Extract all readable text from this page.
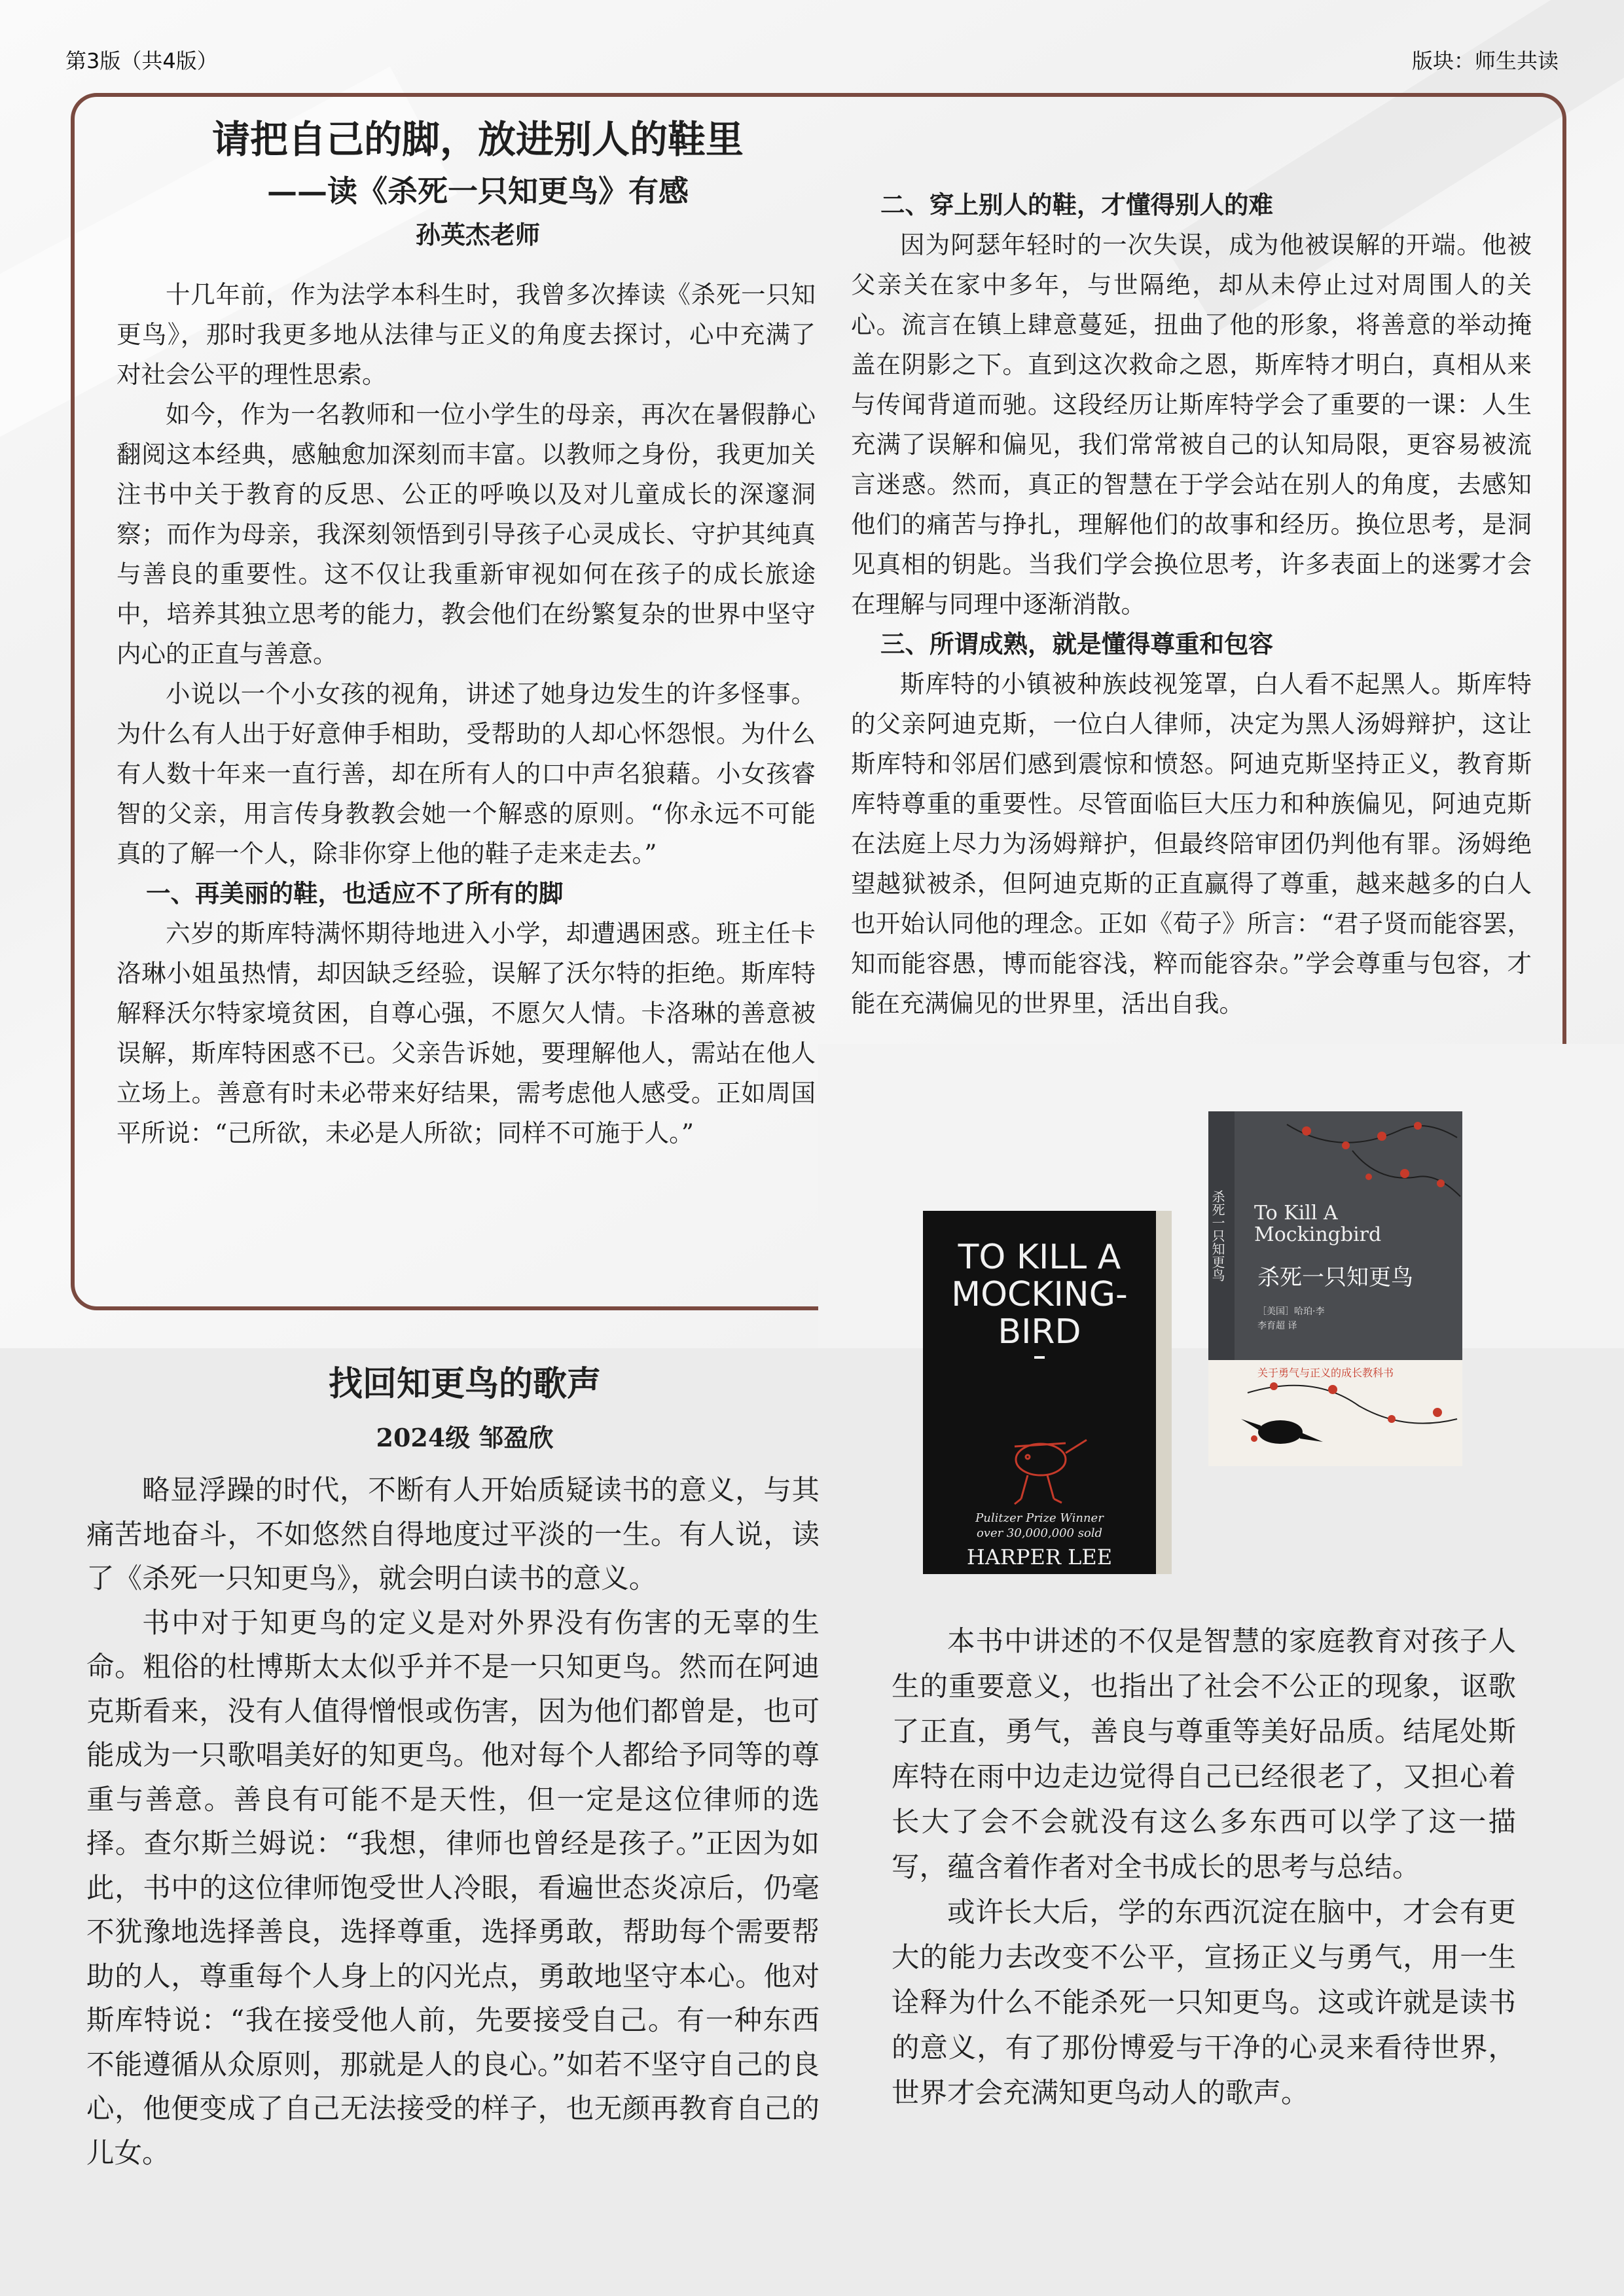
第3版（共4版）	版块：师生共读
请把自己的脚，放进别人的鞋里
——读《杀死一只知更鸟》有感
孙英杰老师

十几年前，作为法学本科生时，我曾多次捧读《杀死一只知更鸟》，那时我更多地从法律与正义的角度去探讨，心中充满了对社会公平的理性思索。

如今，作为一名教师和一位小学生的母亲，再次在暑假静心翻阅这本经典，感触愈加深刻而丰富。以教师之身份，我更加关注书中关于教育的反思、公正的呼唤以及对儿童成长的深邃洞察；而作为母亲，我深刻领悟到引导孩子心灵成长、守护其纯真与善良的重要性。这不仅让我重新审视如何在孩子的成长旅途中，培养其独立思考的能力，教会他们在纷繁复杂的世界中坚守内心的正直与善意。

小说以一个小女孩的视角，讲述了她身边发生的许多怪事。为什么有人出于好意伸手相助，受帮助的人却心怀怨恨。为什么有人数十年来一直行善，却在所有人的口中声名狼藉。小女孩睿智的父亲，用言传身教教会她一个解惑的原则。“你永远不可能真的了解一个人，除非你穿上他的鞋子走来走去。”

一、再美丽的鞋，也适应不了所有的脚

六岁的斯库特满怀期待地进入小学，却遭遇困惑。班主任卡洛琳小姐虽热情，却因缺乏经验，误解了沃尔特的拒绝。斯库特解释沃尔特家境贫困，自尊心强，不愿欠人情。卡洛琳的善意被误解，斯库特困惑不已。父亲告诉她，要理解他人，需站在他人立场上。善意有时未必带来好结果，需考虑他人感受。正如周国平所说：“己所欲，未必是人所欲；同样不可施于人。”

二、穿上别人的鞋，才懂得别人的难

因为阿瑟年轻时的一次失误，成为他被误解的开端。他被父亲关在家中多年，与世隔绝，却从未停止过对周围人的关心。流言在镇上肆意蔓延，扭曲了他的形象，将善意的举动掩盖在阴影之下。直到这次救命之恩，斯库特才明白，真相从来与传闻背道而驰。这段经历让斯库特学会了重要的一课：人生充满了误解和偏见，我们常常被自己的认知局限，更容易被流言迷惑。然而，真正的智慧在于学会站在别人的角度，去感知他们的痛苦与挣扎，理解他们的故事和经历。换位思考，是洞见真相的钥匙。当我们学会换位思考，许多表面上的迷雾才会在理解与同理中逐渐消散。

三、所谓成熟，就是懂得尊重和包容

斯库特的小镇被种族歧视笼罩，白人看不起黑人。斯库特的父亲阿迪克斯，一位白人律师，决定为黑人汤姆辩护，这让斯库特和邻居们感到震惊和愤怒。阿迪克斯坚持正义，教育斯库特尊重的重要性。尽管面临巨大压力和种族偏见，阿迪克斯在法庭上尽力为汤姆辩护，但最终陪审团仍判他有罪。汤姆绝望越狱被杀，但阿迪克斯的正直赢得了尊重，越来越多的白人也开始认同他的理念。正如《荀子》所言：“君子贤而能容罢，知而能容愚，博而能容浅，粹而能容杂。”学会尊重与包容，才能在充满偏见的世界里，活出自我。

找回知更鸟的歌声
2024级 邹盈欣

略显浮躁的时代，不断有人开始质疑读书的意义，与其痛苦地奋斗，不如悠然自得地度过平淡的一生。有人说，读了《杀死一只知更鸟》，就会明白读书的意义。

书中对于知更鸟的定义是对外界没有伤害的无辜的生命。粗俗的杜博斯太太似乎并不是一只知更鸟。然而在阿迪克斯看来，没有人值得憎恨或伤害，因为他们都曾是，也可能成为一只歌唱美好的知更鸟。他对每个人都给予同等的尊重与善意。善良有可能不是天性，但一定是这位律师的选择。查尔斯兰姆说：“我想，律师也曾经是孩子。”正因为如此，书中的这位律师饱受世人冷眼，看遍世态炎凉后，仍毫不犹豫地选择善良，选择尊重，选择勇敢，帮助每个需要帮助的人，尊重每个人身上的闪光点，勇敢地坚守本心。他对斯库特说：“我在接受他人前，先要接受自己。有一种东西不能遵循从众原则，那就是人的良心。”如若不坚守自己的良心，他便变成了自己无法接受的样子，也无颜再教育自己的儿女。

本书中讲述的不仅是智慧的家庭教育对孩子人生的重要意义，也指出了社会不公正的现象，讴歌了正直，勇气，善良与尊重等美好品质。结尾处斯库特在雨中边走边觉得自己已经很老了，又担心着长大了会不会就没有这么多东西可以学了这一描写，蕴含着作者对全书成长的思考与总结。

或许长大后，学的东西沉淀在脑中，才会有更大的能力去改变不公平，宣扬正义与勇气，用一生诠释为什么不能杀死一只知更鸟。这或许就是读书的意义，有了那份博爱与干净的心灵来看待世界，世界才会充满知更鸟动人的歌声。

TO KILL A
MOCKING-
BIRD
Pulitzer Prize Winner
over 30,000,000 sold
HARPER LEE
杀死一只知更鸟 To Kill A
Mockingbird
杀死一只知更鸟
［美国］哈珀·李
李育超 译
关于勇气与正义的成长教科书
